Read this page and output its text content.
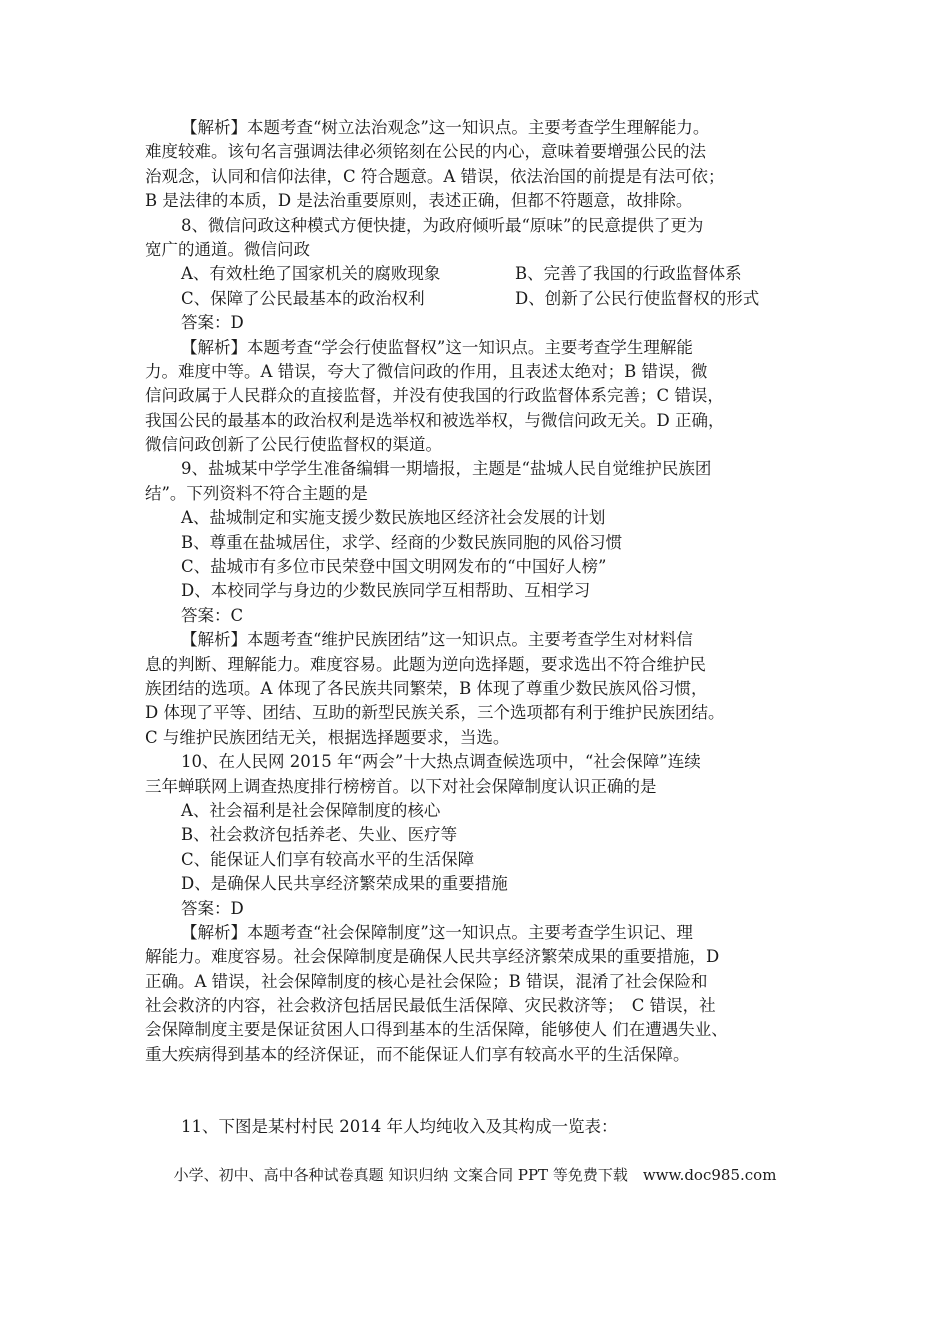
【解析】本题考查“树立法治观念”这一知识点。主要考查学生理解能力。

难度较难。该句名言强调法律必须铭刻在公民的内心，意味着要增强公民的法

治观念，认同和信仰法律，C 符合题意。A 错误，依法治国的前提是有法可依；

B 是法律的本质，D 是法治重要原则，表述正确，但都不符题意，故排除。

8、微信问政这种模式方便快捷，为政府倾听最“原味”的民意提供了更为

宽广的通道。微信问政

A、有效杜绝了国家机关的腐败现象	B、完善了我国的行政监督体系
C、保障了公民最基本的政治权利	D、创新了公民行使监督权的形式

答案：D

【解析】本题考查“学会行使监督权”这一知识点。主要考查学生理解能

力。难度中等。A 错误，夸大了微信问政的作用，且表述太绝对；B 错误，微

信问政属于人民群众的直接监督，并没有使我国的行政监督体系完善；C 错误，

我国公民的最基本的政治权利是选举权和被选举权，与微信问政无关。D 正确，

微信问政创新了公民行使监督权的渠道。

9、盐城某中学学生准备编辑一期墙报，主题是“盐城人民自觉维护民族团

结”。下列资料不符合主题的是

A、盐城制定和实施支援少数民族地区经济社会发展的计划

B、尊重在盐城居住，求学、经商的少数民族同胞的风俗习惯

C、盐城市有多位市民荣登中国文明网发布的“中国好人榜”

D、本校同学与身边的少数民族同学互相帮助、互相学习

答案：C

【解析】本题考查“维护民族团结”这一知识点。主要考查学生对材料信

息的判断、理解能力。难度容易。此题为逆向选择题，要求选出不符合维护民

族团结的选项。A 体现了各民族共同繁荣，B 体现了尊重少数民族风俗习惯，

D 体现了平等、团结、互助的新型民族关系，三个选项都有利于维护民族团结。

C 与维护民族团结无关，根据选择题要求，当选。

10、在人民网 2015 年“两会”十大热点调查候选项中，“社会保障”连续

三年蝉联网上调查热度排行榜榜首。以下对社会保障制度认识正确的是

A、社会福利是社会保障制度的核心

B、社会救济包括养老、失业、医疗等

C、能保证人们享有较高水平的生活保障

D、是确保人民共享经济繁荣成果的重要措施

答案：D

【解析】本题考查“社会保障制度”这一知识点。主要考查学生识记、理

解能力。难度容易。社会保障制度是确保人民共享经济繁荣成果的重要措施，D

正确。A 错误，社会保障制度的核心是社会保险；B 错误，混淆了社会保险和

社会救济的内容，社会救济包括居民最低生活保障、灾民救济等；　C 错误，社

会保障制度主要是保证贫困人口得到基本的生活保障，能够使人 们在遭遇失业、

重大疾病得到基本的经济保证，而不能保证人们享有较高水平的生活保障。

11、下图是某村村民 2014 年人均纯收入及其构成一览表：

小学、初中、高中各种试卷真题 知识归纳 文案合同 PPT 等免费下载　www.doc985.com
